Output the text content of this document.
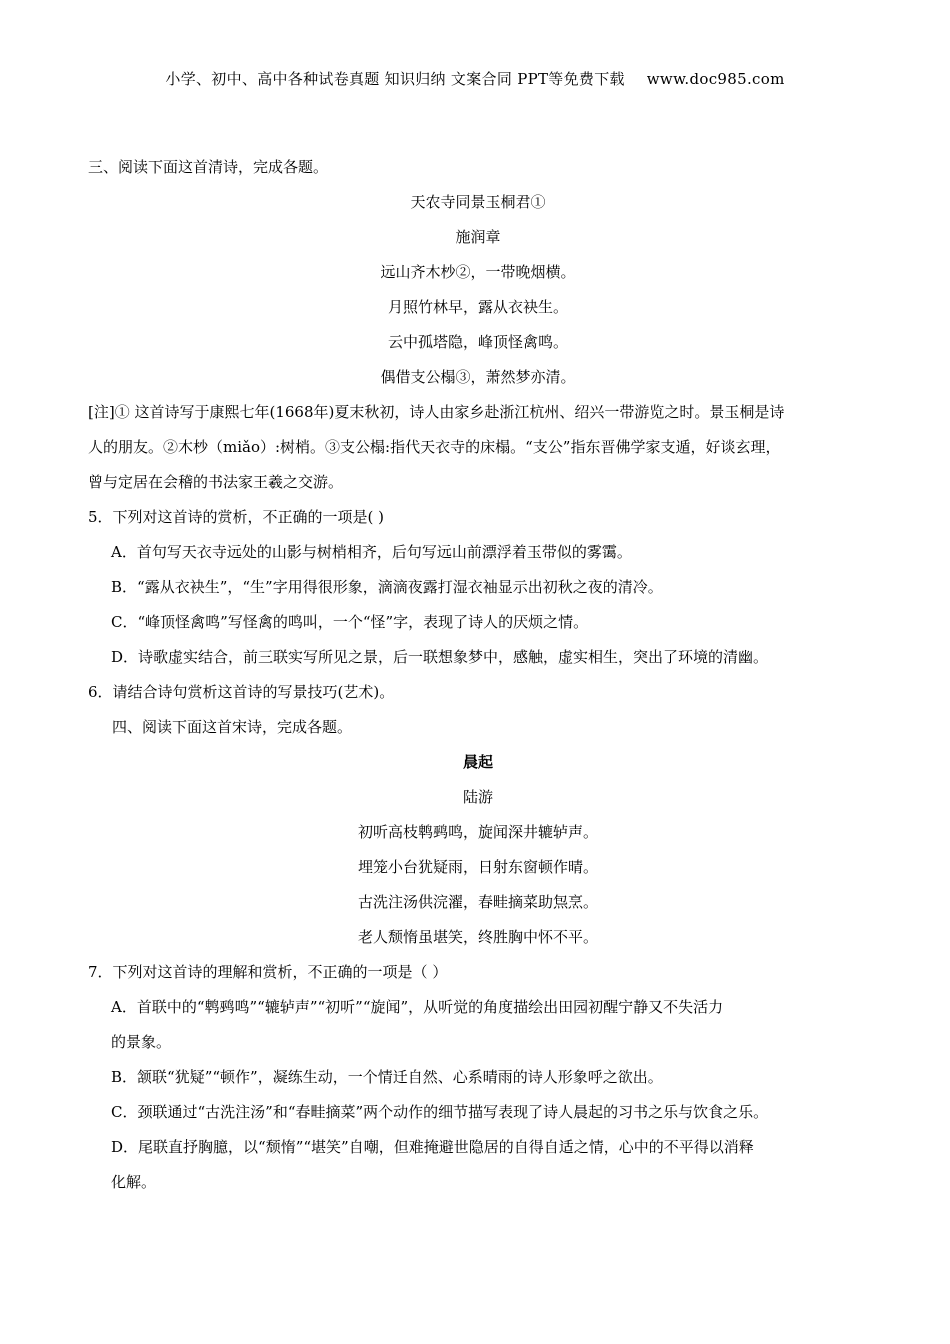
小学、初中、高中各种试卷真题 知识归纳 文案合同 PPT等免费下载 www.doc985.com
三、阅读下面这首清诗，完成各题。
天农寺同景玉桐君①
施润章
远山齐木杪②，一带晚烟横。
月照竹林早，露从衣袂生。
云中孤塔隐，峰顶怪禽鸣。
偶借支公榻③，萧然梦亦清。
[注]① 这首诗写于康熙七年(1668年)夏末秋初，诗人由家乡赴浙江杭州、绍兴一带游览之时。景玉桐是诗
人的朋友。②木杪（miǎo）:树梢。③支公榻:指代天衣寺的床榻。“支公”指东晋佛学家支遁，好谈玄理，
曾与定居在会稽的书法家王羲之交游。
5．下列对这首诗的赏析，不正确的一项是( )
A．首句写天衣寺远处的山影与树梢相齐，后句写远山前漂浮着玉带似的雾霭。
B．“露从衣袂生”，“生”字用得很形象，滴滴夜露打湿衣袖显示出初秋之夜的清冷。
C．“峰顶怪禽鸣”写怪禽的鸣叫，一个“怪”字，表现了诗人的厌烦之情。
D．诗歌虚实结合，前三联实写所见之景，后一联想象梦中，感触，虚实相生，突出了环境的清幽。
6．请结合诗句赏析这首诗的写景技巧(艺术)。
四、阅读下面这首宋诗，完成各题。
晨起
陆游
初听高枝鹎鹀鸣，旋闻深井辘轳声。
埋笼小台犹疑雨，日射东窗顿作晴。
古洗注汤供浣濯，春畦摘菜助炰烹。
老人颓惰虽堪笑，终胜胸中怀不平。
7．下列对这首诗的理解和赏析，不正确的一项是（ ）
A．首联中的“鹎鹀鸣”“辘轳声”“初听”“旋闻”，从听觉的角度描绘出田园初醒宁静又不失活力
的景象。
B．颔联“犹疑”“顿作”，凝练生动，一个情迁自然、心系晴雨的诗人形象呼之欲出。
C．颈联通过“古洗注汤”和“春畦摘菜”两个动作的细节描写表现了诗人晨起的习书之乐与饮食之乐。
D．尾联直抒胸臆，以“颓惰”“堪笑”自嘲，但难掩避世隐居的自得自适之情，心中的不平得以消释
化解。
